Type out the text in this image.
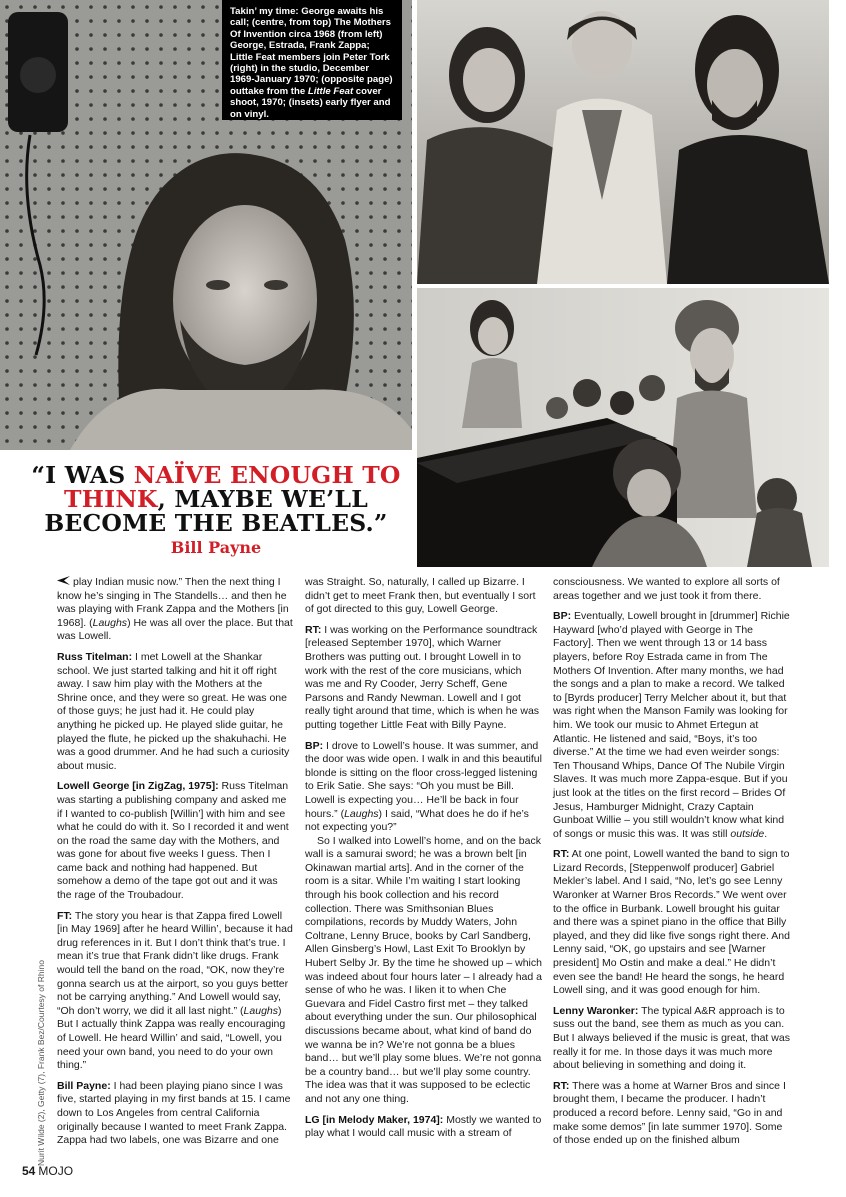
Takin’ my time: George awaits his call; (centre, from top) The Mothers Of Invention circa 1968 (from left) George, Estrada, Frank Zappa; Little Feat members join Peter Tork (right) in the studio, December 1969-January 1970; (opposite page) outtake from the Little Feat cover shoot, 1970; (insets) early flyer and on vinyl.
“I WAS NAÏVE ENOUGH TO THINK, MAYBE WE’LL BECOME THE BEATLES.”
Bill Payne

play Indian music now.” Then the next thing I know he’s singing in The Standells… and then he was playing with Frank Zappa and the Mothers [in 1968]. (Laughs) He was all over the place. But that was Lowell.

Russ Titelman: I met Lowell at the Shankar school. We just started talking and hit it off right away. I saw him play with the Mothers at the Shrine once, and they were so great. He was one of those guys; he just had it. He could play anything he picked up. He played slide guitar, he played the flute, he picked up the shakuhachi. He was a good drummer. And he had such a curiosity about music.

Lowell George [in ZigZag, 1975]: Russ Titelman was starting a publishing company and asked me if I wanted to co-publish [Willin’] with him and see what he could do with it. So I recorded it and went on the road the same day with the Mothers, and was gone for about five weeks I guess. Then I came back and nothing had happened. But somehow a demo of the tape got out and it was the rage of the Troubadour.

FT: The story you hear is that Zappa fired Lowell [in May 1969] after he heard Willin’, because it had drug references in it. But I don’t think that’s true. I mean it’s true that Frank didn’t like drugs. Frank would tell the band on the road, “OK, now they’re gonna search us at the airport, so you guys better not be carrying anything.” And Lowell would say, “Oh don’t worry, we did it all last night.” (Laughs) But I actually think Zappa was really encouraging of Lowell. He heard Willin’ and said, “Lowell, you need your own band, you need to do your own thing.”

Bill Payne: I had been playing piano since I was five, started playing in my first bands at 15. I came down to Los Angeles from central California originally because I wanted to meet Frank Zappa. Zappa had two labels, one was Bizarre and one

was Straight. So, naturally, I called up Bizarre. I didn’t get to meet Frank then, but eventually I sort of got directed to this guy, Lowell George.

RT: I was working on the Performance soundtrack [released September 1970], which Warner Brothers was putting out. I brought Lowell in to work with the rest of the core musicians, which was me and Ry Cooder, Jerry Scheff, Gene Parsons and Randy Newman. Lowell and I got really tight around that time, which is when he was putting together Little Feat with Billy Payne.

BP: I drove to Lowell’s house. It was summer, and the door was wide open. I walk in and this beautiful blonde is sitting on the floor cross-legged listening to Erik Satie. She says: “Oh you must be Bill. Lowell is expecting you… He’ll be back in four hours.” (Laughs) I said, “What does he do if he’s not expecting you?”

So I walked into Lowell’s home, and on the back wall is a samurai sword; he was a brown belt [in Okinawan martial arts]. And in the corner of the room is a sitar. While I’m waiting I start looking through his book collection and his record collection. There was Smithsonian Blues compilations, records by Muddy Waters, John Coltrane, Lenny Bruce, books by Carl Sandberg, Allen Ginsberg’s Howl, Last Exit To Brooklyn by Hubert Selby Jr. By the time he showed up – which was indeed about four hours later – I already had a sense of who he was. I liken it to when Che Guevara and Fidel Castro first met – they talked about everything under the sun. Our philosophical discussions became about, what kind of band do we wanna be in? We’re not gonna be a blues band… but we’ll play some blues. We’re not gonna be a country band… but we’ll play some country. The idea was that it was supposed to be eclectic and not any one thing.

LG [in Melody Maker, 1974]: Mostly we wanted to play what I would call music with a stream of

consciousness. We wanted to explore all sorts of areas together and we just took it from there.

BP: Eventually, Lowell brought in [drummer] Richie Hayward [who’d played with George in The Factory]. Then we went through 13 or 14 bass players, before Roy Estrada came in from The Mothers Of Invention. After many months, we had the songs and a plan to make a record. We talked to [Byrds producer] Terry Melcher about it, but that was right when the Manson Family was looking for him. We took our music to Ahmet Ertegun at Atlantic. He listened and said, “Boys, it’s too diverse.” At the time we had even weirder songs: Ten Thousand Whips, Dance Of The Nubile Virgin Slaves. It was much more Zappa-esque. But if you just look at the titles on the first record – Brides Of Jesus, Hamburger Midnight, Crazy Captain Gunboat Willie – you still wouldn’t know what kind of songs or music this was. It was still outside.

RT: At one point, Lowell wanted the band to sign to Lizard Records, [Steppenwolf producer] Gabriel Mekler’s label. And I said, “No, let’s go see Lenny Waronker at Warner Bros Records.” We went over to the office in Burbank. Lowell brought his guitar and there was a spinet piano in the office that Billy played, and they did like five songs right there. And Lenny said, “OK, go upstairs and see [Warner president] Mo Ostin and make a deal.” He didn’t even see the band! He heard the songs, he heard Lowell sing, and it was good enough for him.

Lenny Waronker: The typical A&R approach is to suss out the band, see them as much as you can. But I always believed if the music is great, that was really it for me. In those days it was much more about believing in something and doing it.

RT: There was a home at Warner Bros and since I brought them, I became the producer. I hadn’t produced a record before. Lenny said, “Go in and make some demos” [in late summer 1970]. Some of those ended up on the finished album

Nurit Wilde (2), Getty (7), Frank Bez/Courtesy of Rhino
54 MOJO
